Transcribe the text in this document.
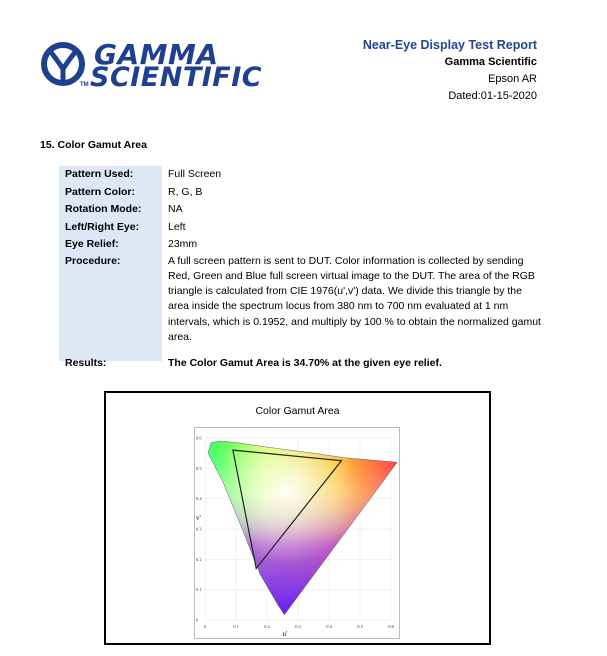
GAMMA
SCIENTIFIC
TM
Near-Eye Display Test Report
Gamma Scientific
Epson AR
Dated:01-15-2020
15. Color Gamut Area
Pattern Used:	Full Screen
Pattern Color:	R, G, B
Rotation Mode:	NA
Left/Right Eye:	Left
Eye Relief:	23mm
Procedure:	A full screen pattern is sent to DUT. Color information is collected by sending Red, Green and Blue full screen virtual image to the DUT. The area of the RGB triangle is calculated from CIE 1976(u',v') data. We divide this triangle by the area inside the spectrum locus from 380 nm to 700 nm evaluated at 1 nm intervals, which is 0.1952, and multiply by 100 % to obtain the normalized gamut area.
Results:	The Color Gamut Area is 34.70% at the given eye relief.
Color Gamut Area
0	0.1	0.2	0.3	0.4	0.5	0.6
0
0.1
0.2
0.3
0.4
0.5
0.6
u'
v'
